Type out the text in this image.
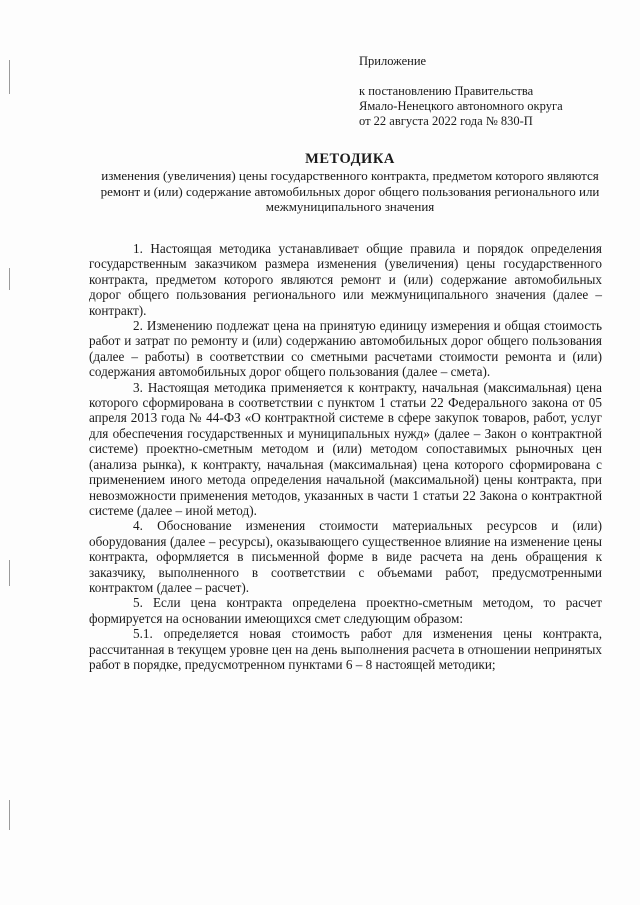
Приложение
к постановлению Правительства
Ямало-Ненецкого автономного округа
от 22 августа 2022 года № 830-П
МЕТОДИКА
изменения (увеличения) цены государственного контракта, предметом которого являются ремонт и (или) содержание автомобильных дорог общего пользования регионального или межмуниципального значения

1. Настоящая методика устанавливает общие правила и порядок определения государственным заказчиком размера изменения (увеличения) цены государственного контракта, предметом которого являются ремонт и (или) содержание автомобильных дорог общего пользования регионального или межмуниципального значения (далее – контракт).

2. Изменению подлежат цена на принятую единицу измерения и общая стоимость работ и затрат по ремонту и (или) содержанию автомобильных дорог общего пользования (далее – работы) в соответствии со сметными расчетами стоимости ремонта и (или) содержания автомобильных дорог общего пользования (далее – смета).

3. Настоящая методика применяется к контракту, начальная (максимальная) цена которого сформирована в соответствии с пунктом 1 статьи 22 Федерального закона от 05 апреля 2013 года № 44-ФЗ «О контрактной системе в сфере закупок товаров, работ, услуг для обеспечения государственных и муниципальных нужд» (далее – Закон о контрактной системе) проектно-сметным методом и (или) методом сопоставимых рыночных цен (анализа рынка), к контракту, начальная (максимальная) цена которого сформирована с применением иного метода определения начальной (максимальной) цены контракта, при невозможности применения методов, указанных в части 1 статьи 22 Закона о контрактной системе (далее – иной метод).

4. Обоснование изменения стоимости материальных ресурсов и (или) оборудования (далее – ресурсы), оказывающего существенное влияние на изменение цены контракта, оформляется в письменной форме в виде расчета на день обращения к заказчику, выполненного в соответствии с объемами работ, предусмотренными контрактом (далее – расчет).

5. Если цена контракта определена проектно-сметным методом, то расчет формируется на основании имеющихся смет следующим образом:

5.1. определяется новая стоимость работ для изменения цены контракта, рассчитанная в текущем уровне цен на день выполнения расчета в отношении непринятых работ в порядке, предусмотренном пунктами 6 – 8 настоящей методики;
